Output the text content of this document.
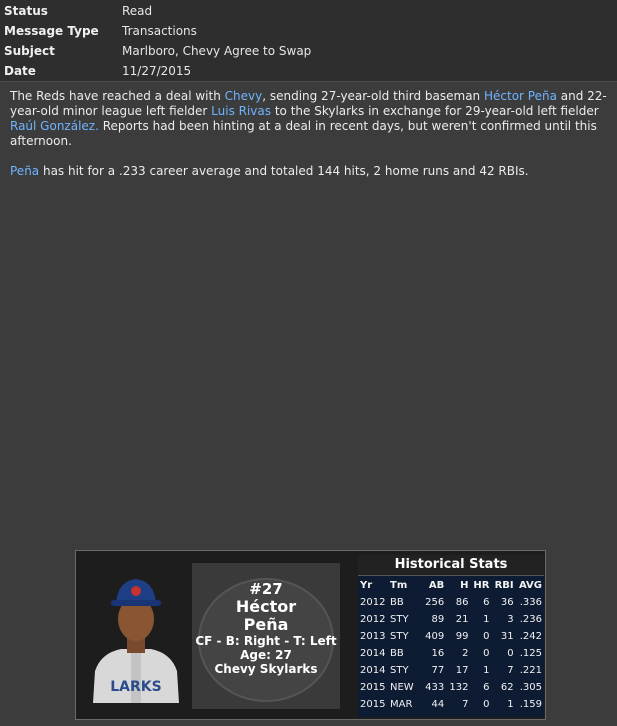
Status	Read
Message Type	Transactions
Subject	Marlboro, Chevy Agree to Swap
Date	11/27/2015

The Reds have reached a deal with Chevy, sending 27-year-old third baseman Héctor Peña and 22-year-old minor league left fielder Luis Rivas to the Skylarks in exchange for 29-year-old left fielder Raúl González. Reports had been hinting at a deal in recent days, but weren't confirmed until this afternoon.

Peña has hit for a .233 career average and totaled 144 hits, 2 home runs and 42 RBIs.

LARKS
#27
Héctor
Peña
CF - B: Right - T: Left
Age: 27
Chevy Skylarks
Historical Stats
Yr	Tm	AB	H	HR	RBI	AVG
2012	BB	256	86	6	36	.336
2012	STY	89	21	1	3	.236
2013	STY	409	99	0	31	.242
2014	BB	16	2	0	0	.125
2014	STY	77	17	1	7	.221
2015	NEW	433	132	6	62	.305
2015	MAR	44	7	0	1	.159
